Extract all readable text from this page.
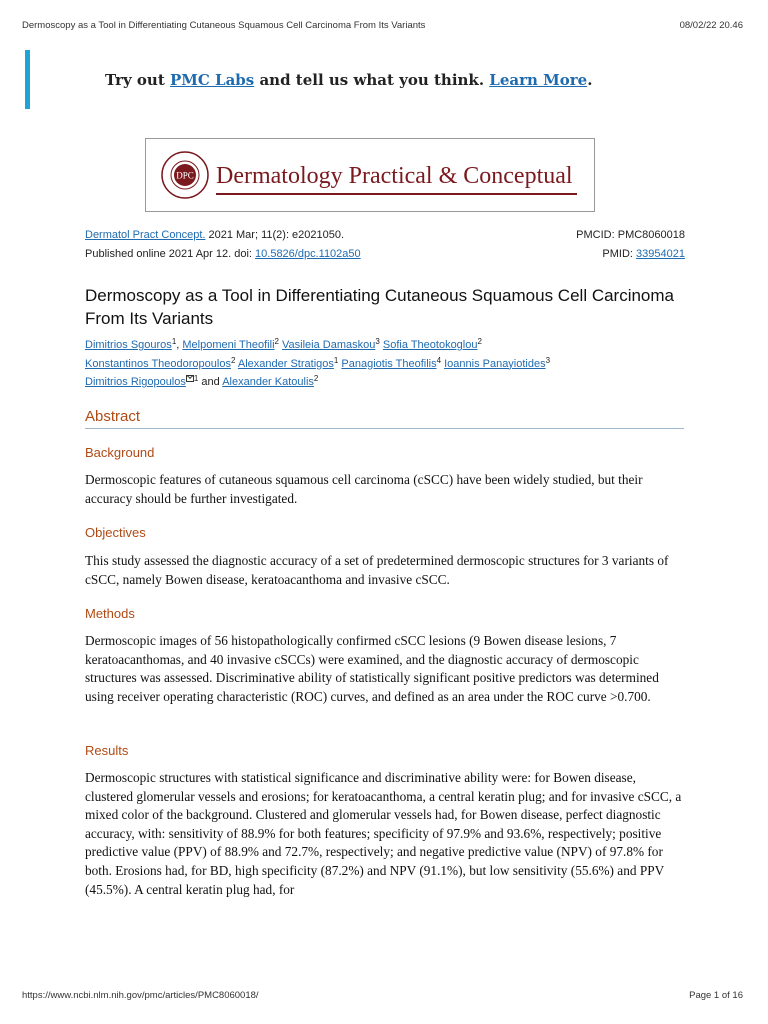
Dermoscopy as a Tool in Differentiating Cutaneous Squamous Cell Carcinoma From Its Variants	08/02/22 20.46
Try out PMC Labs and tell us what you think. Learn More.
DPC Dermatology Practical & Conceptual
Dermatol Pract Concept. 2021 Mar; 11(2): e2021050.	PMCID: PMC8060018
Published online 2021 Apr 12. doi: 10.5826/dpc.1102a50	PMID: 33954021
Dermoscopy as a Tool in Differentiating Cutaneous Squamous Cell Carcinoma From Its Variants
Dimitrios Sgouros$^1$, Melpomeni Theofili$^2$ Vasileia Damaskou$^3$ Sofia Theotokoglou$^2$
Konstantinos Theodoropoulos$^2$ Alexander Stratigos$^1$ Panagiotis Theofilis$^4$ Ioannis Panayiotides$^3$
Dimitrios Rigopoulos $^1$ and Alexander Katoulis$^2$
Abstract
Background
Dermoscopic features of cutaneous squamous cell carcinoma (cSCC) have been widely studied, but their accuracy should be further investigated.
Objectives
This study assessed the diagnostic accuracy of a set of predetermined dermoscopic structures for 3 variants of cSCC, namely Bowen disease, keratoacanthoma and invasive cSCC.
Methods
Dermoscopic images of 56 histopathologically confirmed cSCC lesions (9 Bowen disease lesions, 7 keratoacanthomas, and 40 invasive cSCCs) were examined, and the diagnostic accuracy of dermoscopic structures was assessed. Discriminative ability of statistically significant positive predictors was determined using receiver operating characteristic (ROC) curves, and defined as an area under the ROC curve >0.700.
Results
Dermoscopic structures with statistical significance and discriminative ability were: for Bowen disease, clustered glomerular vessels and erosions; for keratoacanthoma, a central keratin plug; and for invasive cSCC, a mixed color of the background. Clustered and glomerular vessels had, for Bowen disease, perfect diagnostic accuracy, with: sensitivity of 88.9% for both features; specificity of 97.9% and 93.6%, respectively; positive predictive value (PPV) of 88.9% and 72.7%, respectively; and negative predictive value (NPV) of 97.8% for both. Erosions had, for BD, high specificity (87.2%) and NPV (91.1%), but low sensitivity (55.6%) and PPV (45.5%). A central keratin plug had, for
https://www.ncbi.nlm.nih.gov/pmc/articles/PMC8060018/	Page 1 of 16
